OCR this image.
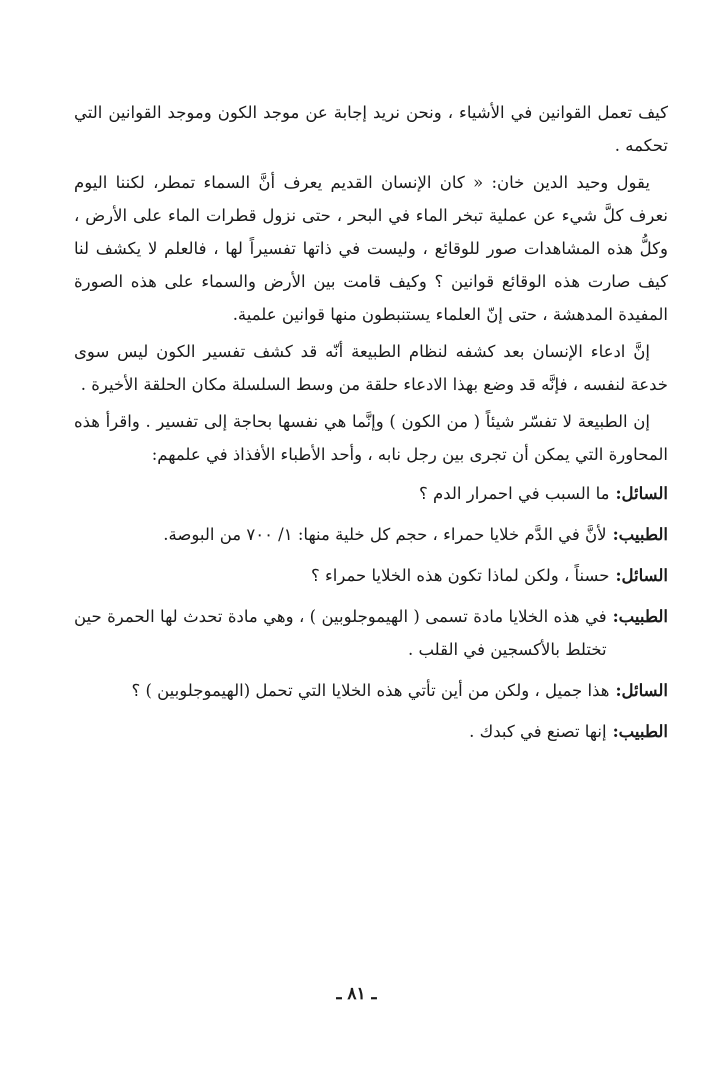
كيف تعمل القوانين في الأشياء ، ونحن نريد إجابة عن موجد الكون وموجد القوانين التي تحكمه .

يقول وحيد الدين خان: « كان الإنسان القديم يعرف أنَّ السماء تمطر، لكننا اليوم نعرف كلَّ شيء عن عملية تبخر الماء في البحر ، حتى نزول قطرات الماء على الأرض ، وكلُّ هذه المشاهدات صور للوقائع ، وليست في ذاتها تفسيراً لها ، فالعلم لا يكشف لنا كيف صارت هذه الوقائع قوانين ؟ وكيف قامت بين الأرض والسماء على هذه الصورة المفيدة المدهشة ، حتى إنّ العلماء يستنبطون منها قوانين علمية.

إنَّ ادعاء الإنسان بعد كشفه لنظام الطبيعة أنّه قد كشف تفسير الكون ليس سوى خدعة لنفسه ، فإنَّه قد وضع بهذا الادعاء حلقة من وسط السلسلة مكان الحلقة الأخيرة .

إن الطبيعة لا تفسّر شيئاً ( من الكون ) وإنَّما هي نفسها بحاجة إلى تفسير . واقرأ هذه المحاورة التي يمكن أن تجرى بين رجل نابه ، وأحد الأطباء الأفذاذ في علمهم:

السائل:
ما السبب في احمرار الدم ؟
الطبيب:
لأنَّ في الدَّم خلايا حمراء ، حجم كل خلية منها: ١/ ٧٠٠ من البوصة.
السائل:
حسناً ، ولكن لماذا تكون هذه الخلايا حمراء ؟
الطبيب:
في هذه الخلايا مادة تسمى ( الهيموجلوبين ) ، وهي مادة تحدث لها الحمرة حين تختلط بالأكسجين في القلب .
السائل:
هذا جميل ، ولكن من أين تأتي هذه الخلايا التي تحمل (الهيموجلوبين ) ؟
الطبيب:
إنها تصنع في كبدك .
ـ ٨١ ـ
